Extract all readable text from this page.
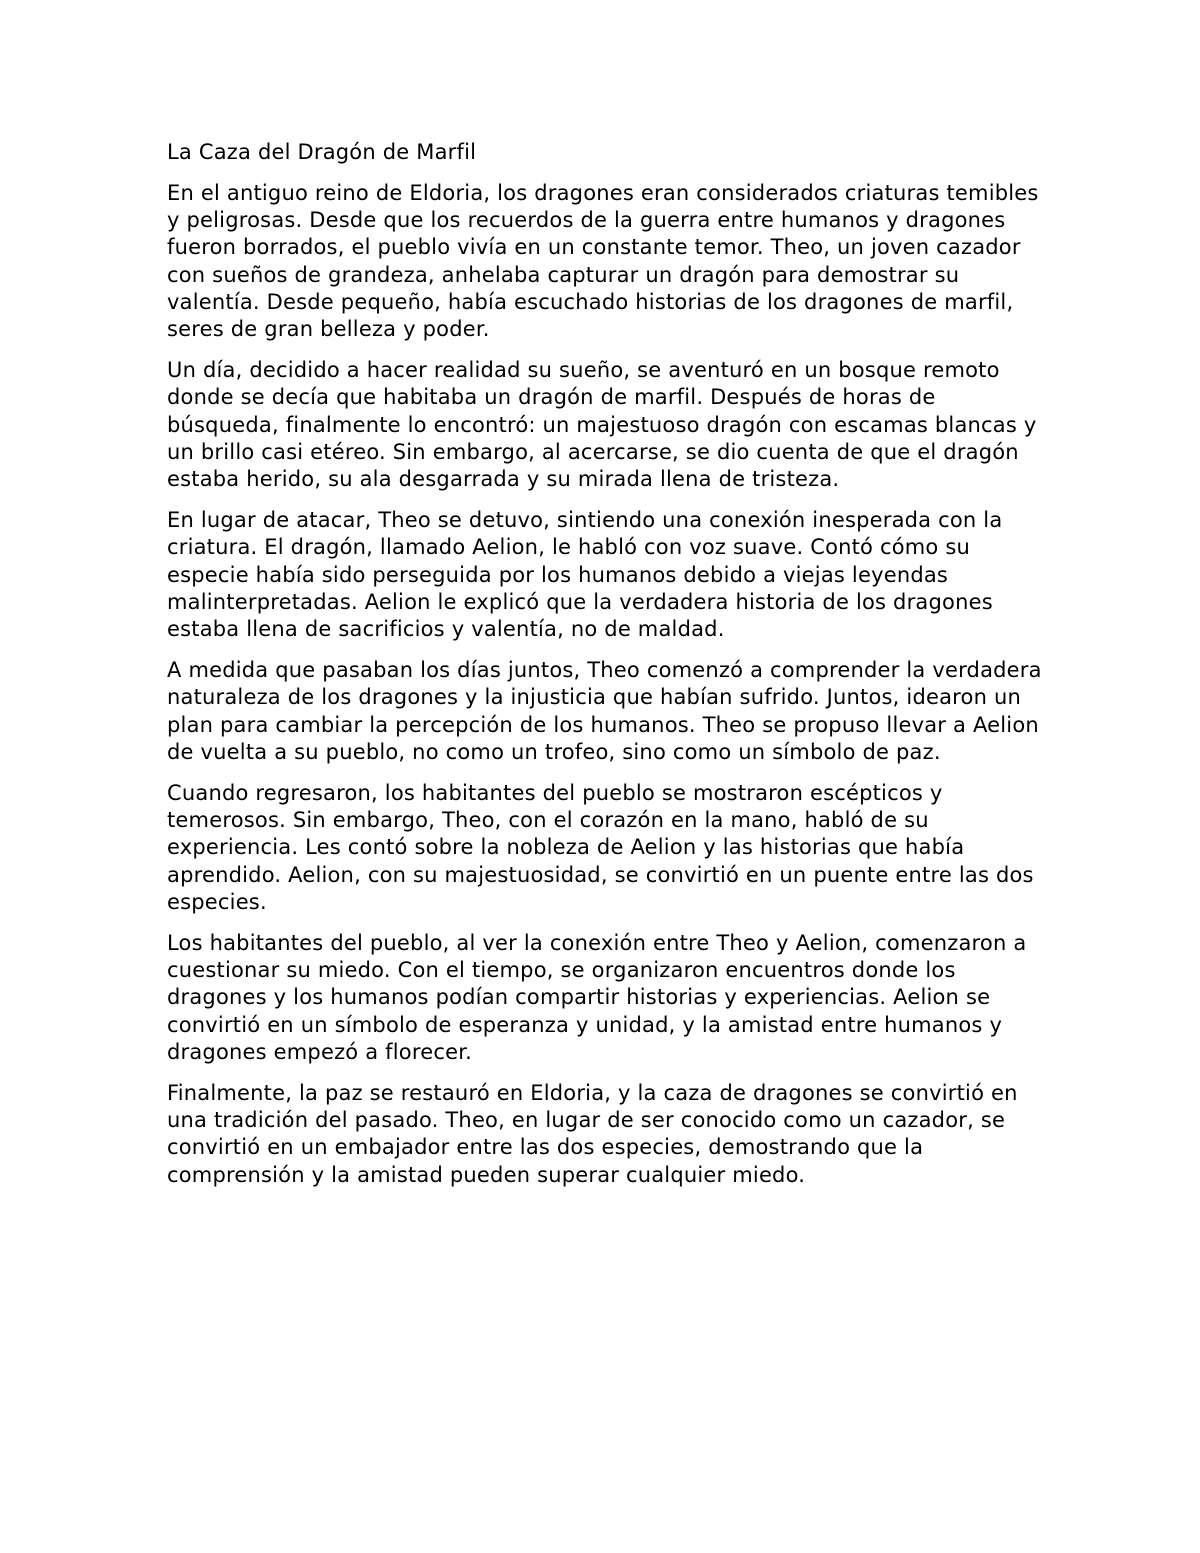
La Caza del Dragón de Marfil

En el antiguo reino de Eldoria, los dragones eran considerados criaturas temibles y peligrosas. Desde que los recuerdos de la guerra entre humanos y dragones fueron borrados, el pueblo vivía en un constante temor. Theo, un joven cazador con sueños de grandeza, anhelaba capturar un dragón para demostrar su valentía. Desde pequeño, había escuchado historias de los dragones de marfil, seres de gran belleza y poder.

Un día, decidido a hacer realidad su sueño, se aventuró en un bosque remoto donde se decía que habitaba un dragón de marfil. Después de horas de búsqueda, finalmente lo encontró: un majestuoso dragón con escamas blancas y un brillo casi etéreo. Sin embargo, al acercarse, se dio cuenta de que el dragón estaba herido, su ala desgarrada y su mirada llena de tristeza.

En lugar de atacar, Theo se detuvo, sintiendo una conexión inesperada con la criatura. El dragón, llamado Aelion, le habló con voz suave. Contó cómo su especie había sido perseguida por los humanos debido a viejas leyendas malinterpretadas. Aelion le explicó que la verdadera historia de los dragones estaba llena de sacrificios y valentía, no de maldad.

A medida que pasaban los días juntos, Theo comenzó a comprender la verdadera naturaleza de los dragones y la injusticia que habían sufrido. Juntos, idearon un plan para cambiar la percepción de los humanos. Theo se propuso llevar a Aelion de vuelta a su pueblo, no como un trofeo, sino como un símbolo de paz.

Cuando regresaron, los habitantes del pueblo se mostraron escépticos y temerosos. Sin embargo, Theo, con el corazón en la mano, habló de su experiencia. Les contó sobre la nobleza de Aelion y las historias que había aprendido. Aelion, con su majestuosidad, se convirtió en un puente entre las dos especies.

Los habitantes del pueblo, al ver la conexión entre Theo y Aelion, comenzaron a cuestionar su miedo. Con el tiempo, se organizaron encuentros donde los dragones y los humanos podían compartir historias y experiencias. Aelion se convirtió en un símbolo de esperanza y unidad, y la amistad entre humanos y dragones empezó a florecer.

Finalmente, la paz se restauró en Eldoria, y la caza de dragones se convirtió en una tradición del pasado. Theo, en lugar de ser conocido como un cazador, se convirtió en un embajador entre las dos especies, demostrando que la comprensión y la amistad pueden superar cualquier miedo.
